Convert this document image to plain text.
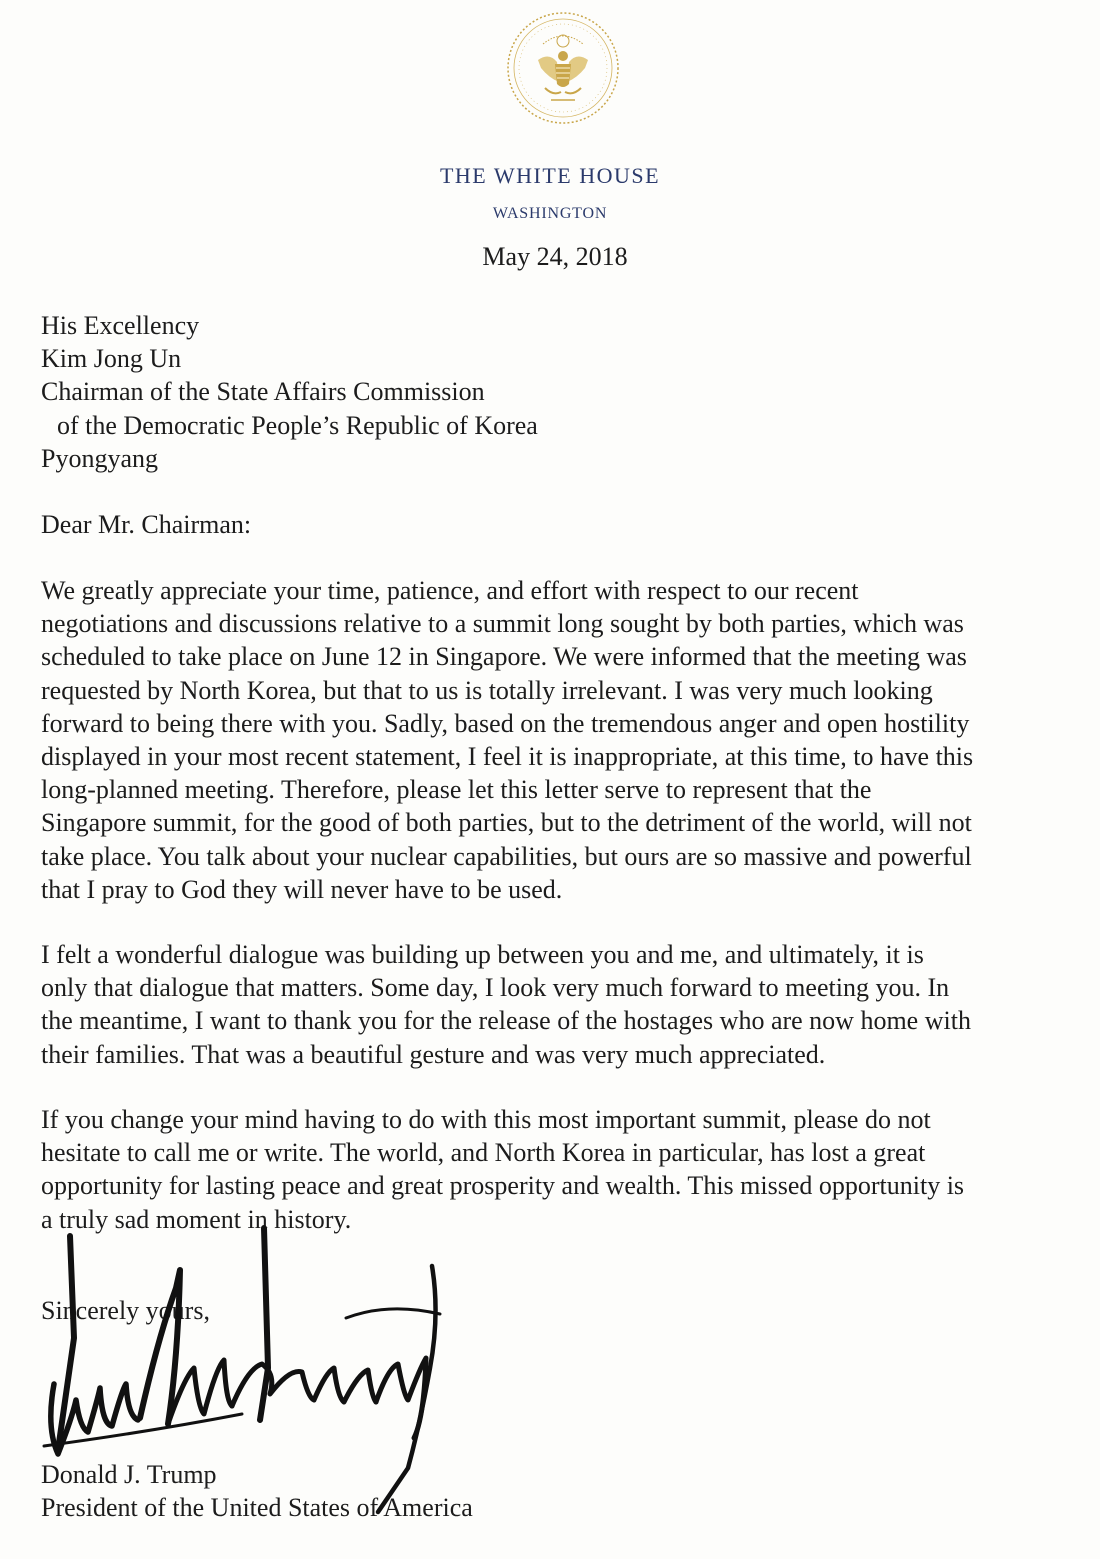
THE WHITE HOUSE
WASHINGTON
May 24, 2018
His Excellency
Kim Jong Un
Chairman of the State Affairs Commission
of the Democratic People’s Republic of Korea
Pyongyang
Dear Mr. Chairman:
We greatly appreciate your time, patience, and effort with respect to our recent
negotiations and discussions relative to a summit long sought by both parties, which was
scheduled to take place on June 12 in Singapore. We were informed that the meeting was
requested by North Korea, but that to us is totally irrelevant. I was very much looking
forward to being there with you. Sadly, based on the tremendous anger and open hostility
displayed in your most recent statement, I feel it is inappropriate, at this time, to have this
long-planned meeting. Therefore, please let this letter serve to represent that the
Singapore summit, for the good of both parties, but to the detriment of the world, will not
take place. You talk about your nuclear capabilities, but ours are so massive and powerful
that I pray to God they will never have to be used.
I felt a wonderful dialogue was building up between you and me, and ultimately, it is
only that dialogue that matters. Some day, I look very much forward to meeting you. In
the meantime, I want to thank you for the release of the hostages who are now home with
their families. That was a beautiful gesture and was very much appreciated.
If you change your mind having to do with this most important summit, please do not
hesitate to call me or write. The world, and North Korea in particular, has lost a great
opportunity for lasting peace and great prosperity and wealth. This missed opportunity is
a truly sad moment in history.
Sincerely yours,
Donald J. Trump
President of the United States of America
